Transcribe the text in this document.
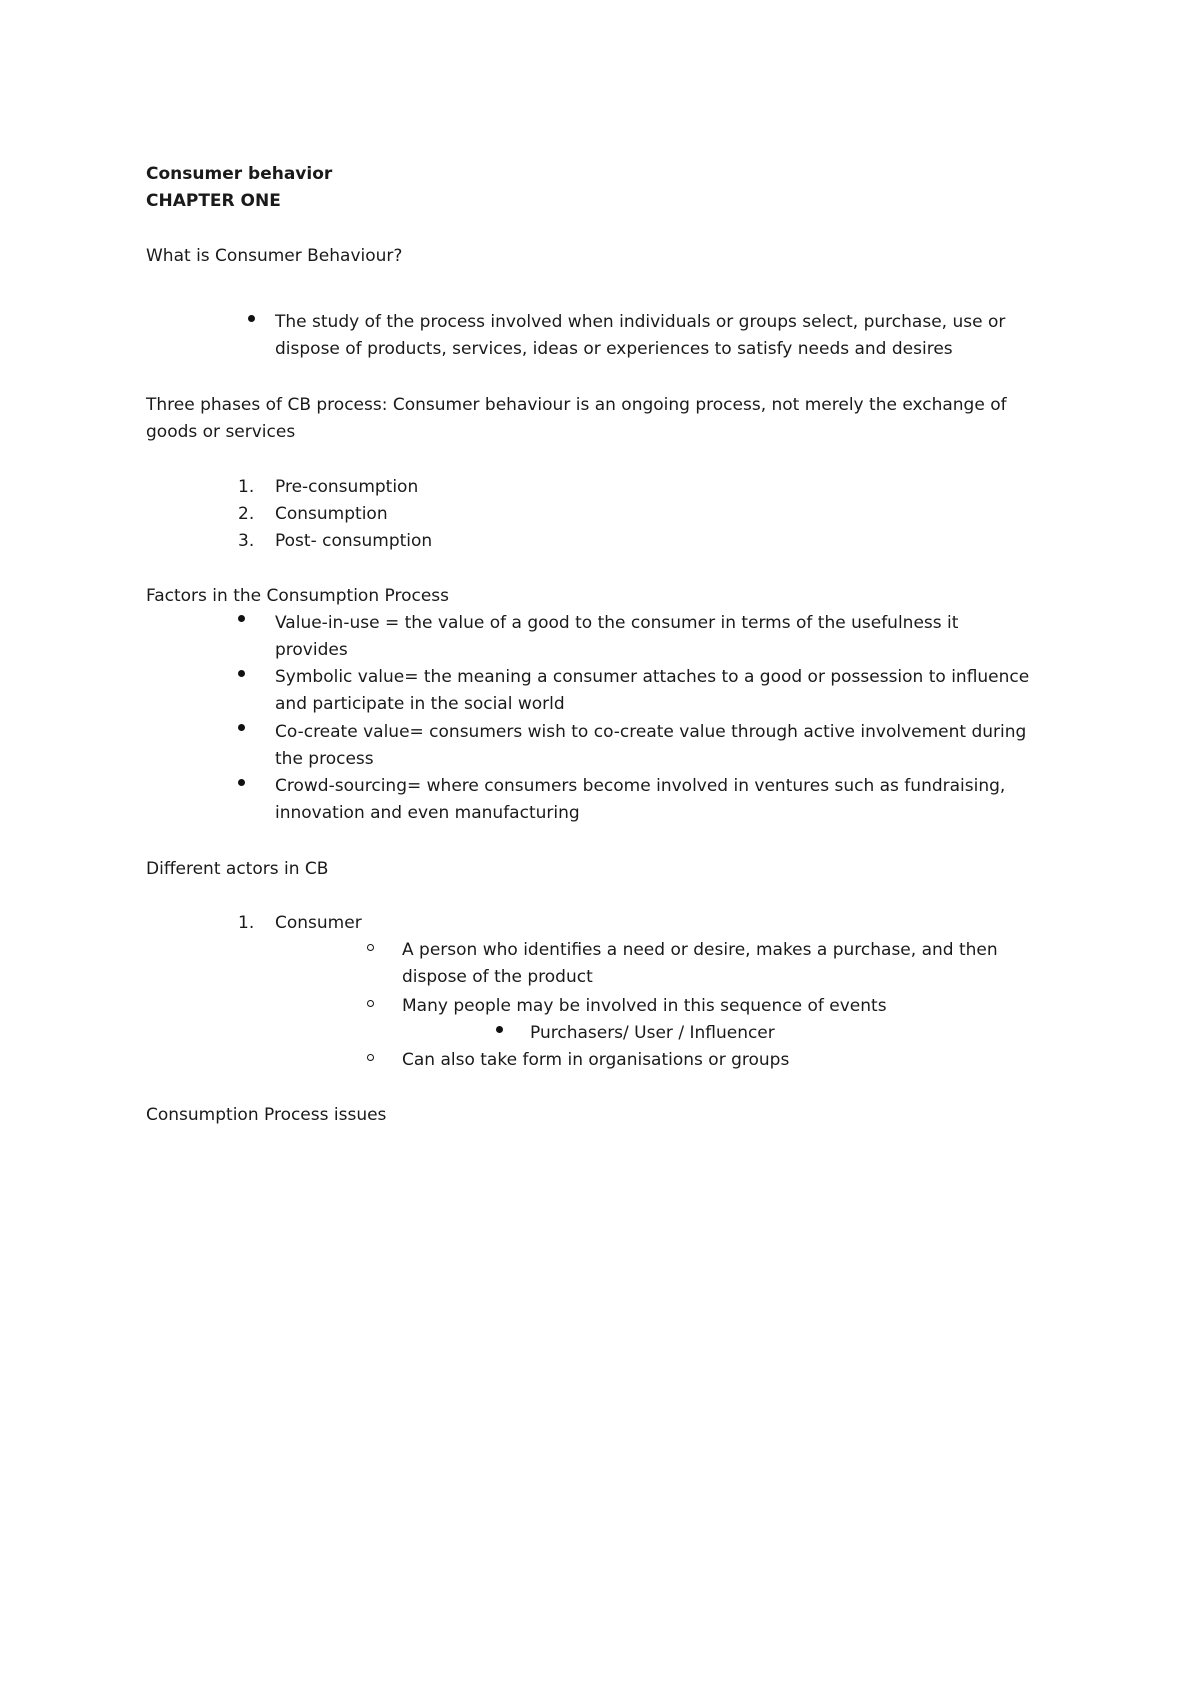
Consumer behavior
CHAPTER ONE
What is Consumer Behaviour?
The study of the process involved when individuals or groups select, purchase, use or
dispose of products, services, ideas or experiences to satisfy needs and desires
Three phases of CB process: Consumer behaviour is an ongoing process, not merely the exchange of
goods or services
1. Pre-consumption
2. Consumption
3. Post- consumption
Factors in the Consumption Process
Value-in-use = the value of a good to the consumer in terms of the usefulness it
provides
Symbolic value= the meaning a consumer attaches to a good or possession to influence
and participate in the social world
Co-create value= consumers wish to co-create value through active involvement during
the process
Crowd-sourcing= where consumers become involved in ventures such as fundraising,
innovation and even manufacturing
Different actors in CB
1. Consumer
A person who identifies a need or desire, makes a purchase, and then
dispose of the product
Many people may be involved in this sequence of events
Purchasers/ User / Influencer
Can also take form in organisations or groups
Consumption Process issues
